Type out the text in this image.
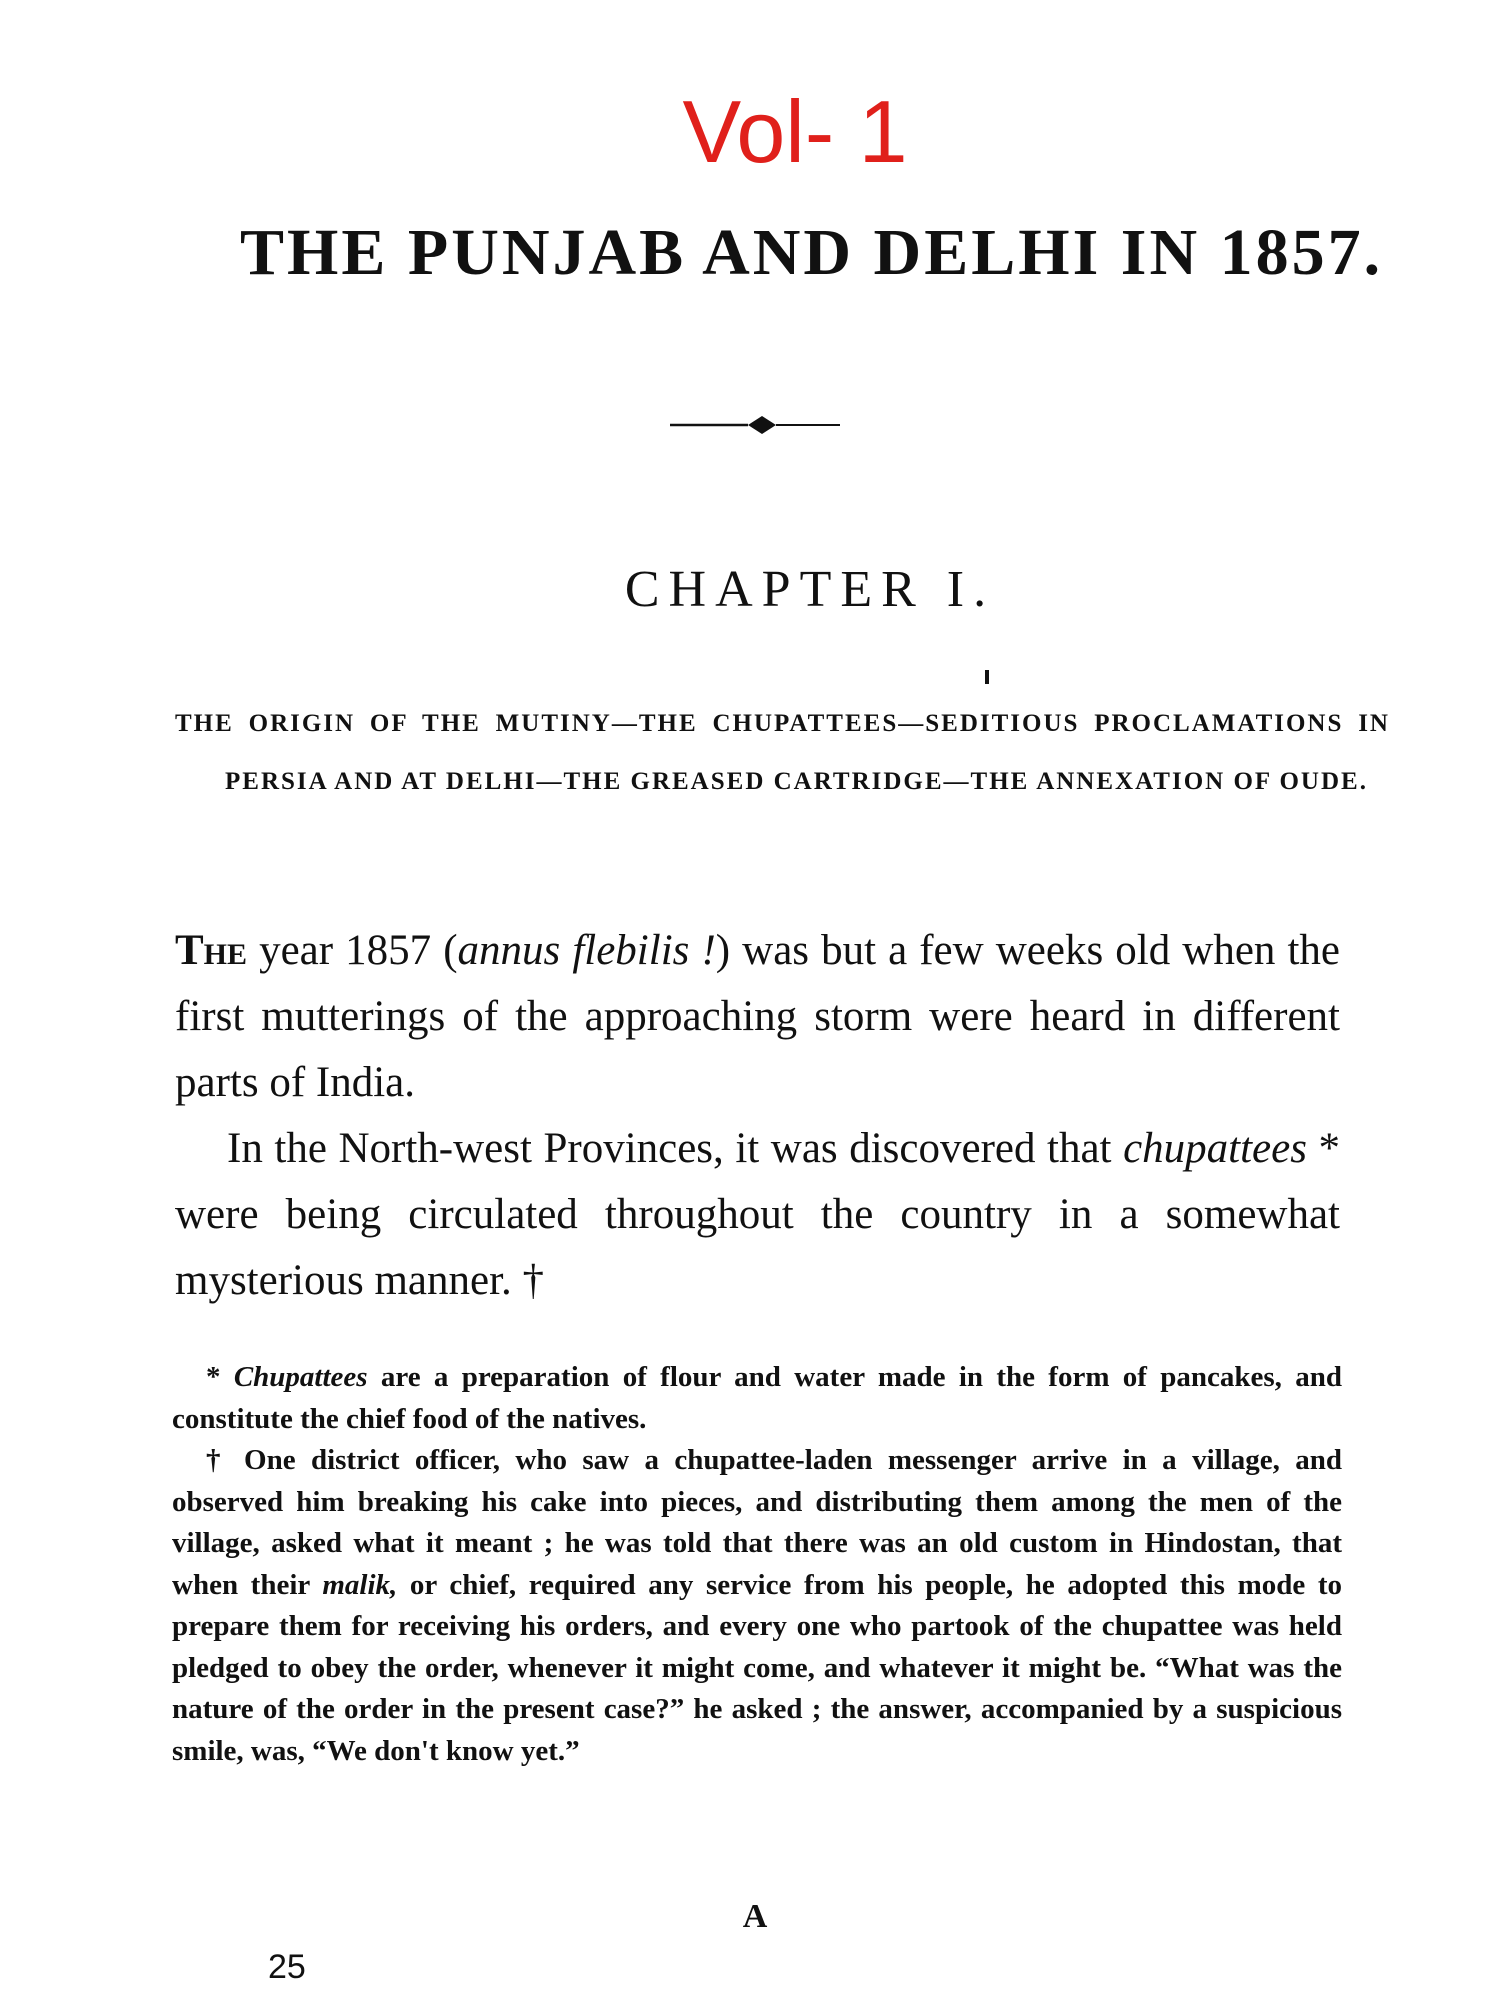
Vol- 1
THE PUNJAB AND DELHI IN 1857.
CHAPTER I.
THE ORIGIN OF THE MUTINY—THE CHUPATTEES—SEDITIOUS PROCLAMATIONS IN PERSIA AND AT DELHI—THE GREASED CARTRIDGE—THE ANNEXATION OF OUDE.

The year 1857 (annus flebilis !) was but a few weeks old when the first mutterings of the approaching storm were heard in different parts of India.

In the North-west Provinces, it was discovered that chupattees * were being circulated throughout the country in a somewhat mysterious manner. †

* Chupattees are a preparation of flour and water made in the form of pancakes, and constitute the chief food of the natives.

† One district officer, who saw a chupattee-laden messenger arrive in a village, and observed him breaking his cake into pieces, and distributing them among the men of the village, asked what it meant ; he was told that there was an old custom in Hindostan, that when their malik, or chief, required any service from his people, he adopted this mode to prepare them for receiving his orders, and every one who partook of the chupattee was held pledged to obey the order, whenever it might come, and whatever it might be. “What was the nature of the order in the present case?” he asked ; the answer, accompanied by a suspicious smile, was, “We don't know yet.”

A
25
